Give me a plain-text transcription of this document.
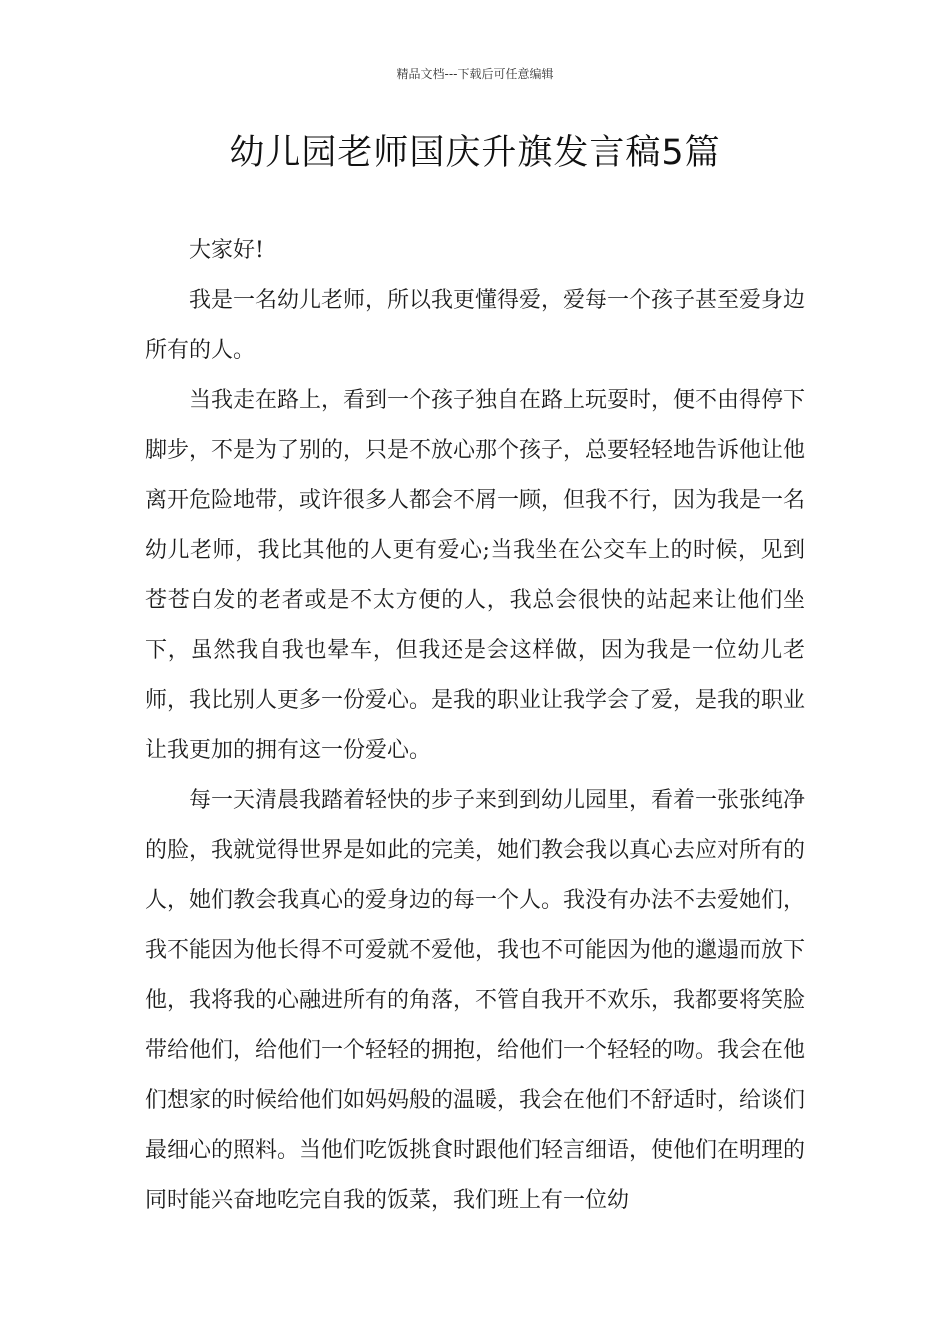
精品文档---下载后可任意编辑
幼儿园老师国庆升旗发言稿5篇

大家好!

我是一名幼儿老师，所以我更懂得爱，爱每一个孩子甚至爱身边所有的人。

当我走在路上，看到一个孩子独自在路上玩耍时，便不由得停下脚步，不是为了别的，只是不放心那个孩子，总要轻轻地告诉他让他离开危险地带，或许很多人都会不屑一顾，但我不行，因为我是一名幼儿老师，我比其他的人更有爱心;当我坐在公交车上的时候，见到苍苍白发的老者或是不太方便的人，我总会很快的站起来让他们坐下，虽然我自我也晕车，但我还是会这样做，因为我是一位幼儿老师，我比别人更多一份爱心。是我的职业让我学会了爱，是我的职业让我更加的拥有这一份爱心。

每一天清晨我踏着轻快的步子来到到幼儿园里，看着一张张纯净的脸，我就觉得世界是如此的完美，她们教会我以真心去应对所有的人，她们教会我真心的爱身边的每一个人。我没有办法不去爱她们，我不能因为他长得不可爱就不爱他，我也不可能因为他的邋遢而放下他，我将我的心融进所有的角落，不管自我开不欢乐，我都要将笑脸带给他们，给他们一个轻轻的拥抱，给他们一个轻轻的吻。我会在他们想家的时候给他们如妈妈般的温暖，我会在他们不舒适时，给谈们最细心的照料。当他们吃饭挑食时跟他们轻言细语，使他们在明理的同时能兴奋地吃完自我的饭菜，我们班上有一位幼
